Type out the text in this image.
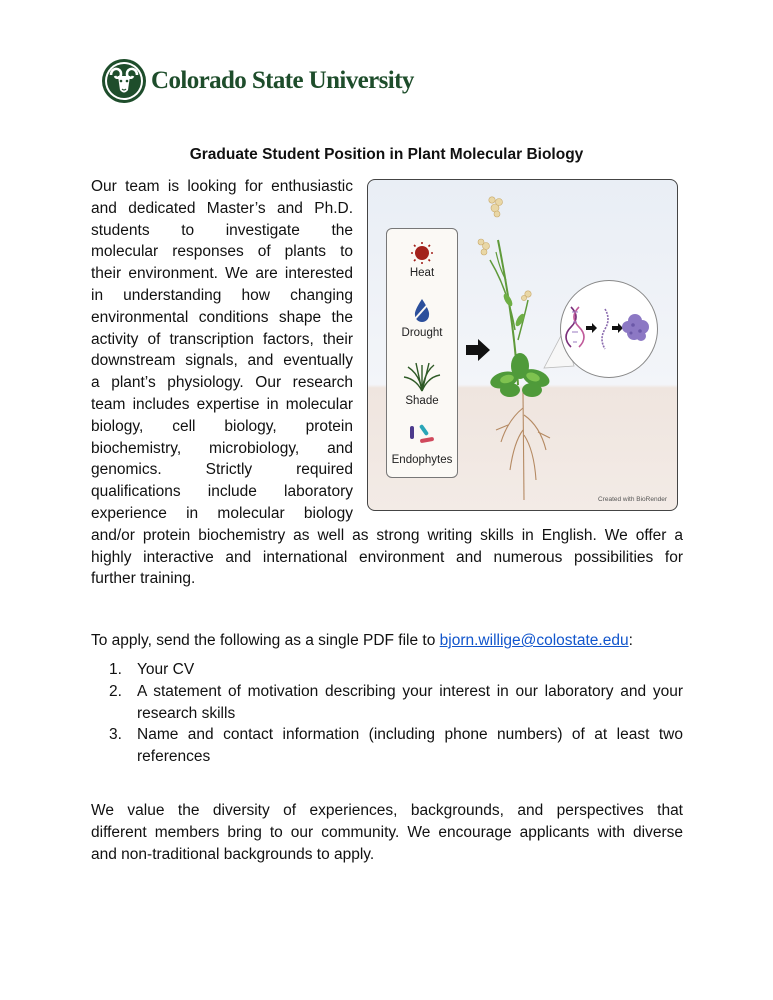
Colorado State University
Graduate Student Position in Plant Molecular Biology
Our team is looking for enthusiastic
and dedicated Master’s and Ph.D.
students to investigate the
molecular responses of plants to
their environment. We are interested
in understanding how changing
environmental conditions shape the
activity of transcription factors, their
downstream signals, and eventually
a plant’s physiology. Our research
team includes expertise in molecular
biology, cell biology, protein
biochemistry, microbiology, and
genomics. Strictly required
qualifications include laboratory
experience in molecular biology
and/or protein biochemistry as well as strong writing skills in English. We offer a
highly interactive and international environment and numerous possibilities for
further training.
Heat
Drought
Shade
Endophytes
Created with BioRender
To apply, send the following as a single PDF file to bjorn.willige@colostate.edu:
1. Your CV
2. A statement of motivation describing your interest in our laboratory and your
research skills
3. Name and contact information (including phone numbers) of at least two
references
We value the diversity of experiences, backgrounds, and perspectives that
different members bring to our community. We encourage applicants with diverse
and non-traditional backgrounds to apply.
